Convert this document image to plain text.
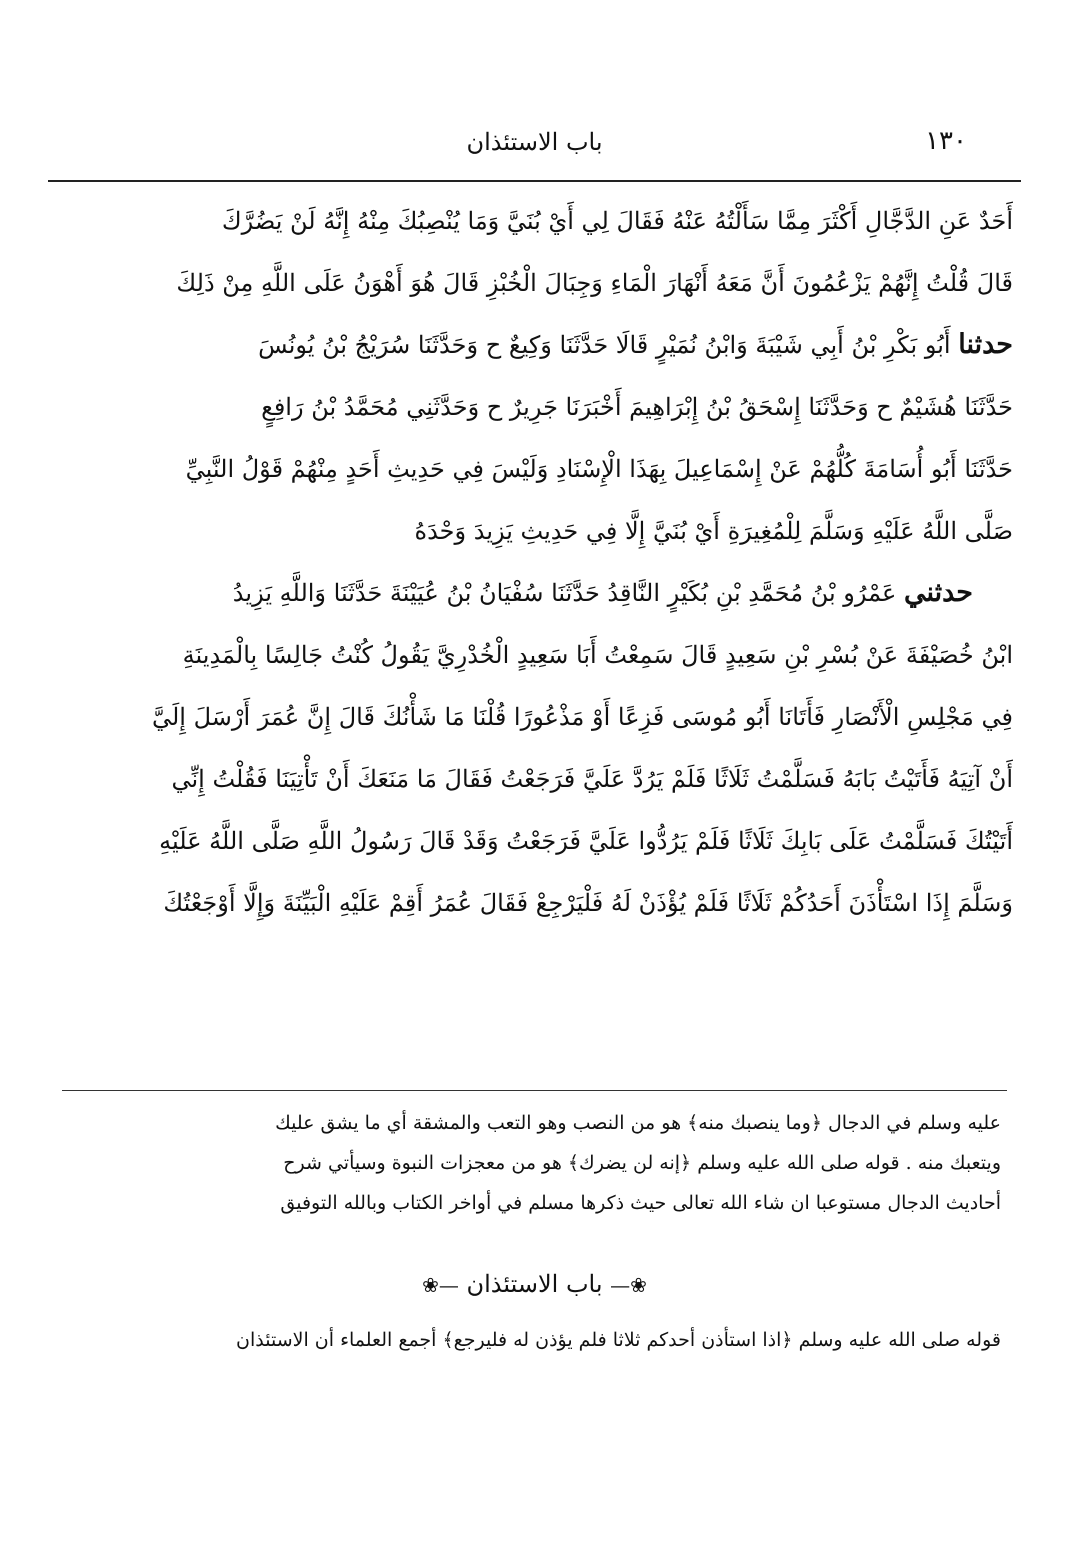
باب الاستئذان	١٣٠
أَحَدٌ عَنِ الدَّجَّالِ أَكْثَرَ مِمَّا سَأَلْتُهُ عَنْهُ فَقَالَ لِي أَيْ بُنَيَّ وَمَا يُنْصِبُكَ مِنْهُ إِنَّهُ لَنْ يَضُرَّكَ
قَالَ قُلْتُ إِنَّهُمْ يَزْعُمُونَ أَنَّ مَعَهُ أَنْهَارَ الْمَاءِ وَجِبَالَ الْخُبْزِ قَالَ هُوَ أَهْوَنُ عَلَى اللَّهِ مِنْ ذَلِكَ
حدثنا أَبُو بَكْرِ بْنُ أَبِي شَيْبَةَ وَابْنُ نُمَيْرٍ قَالَا حَدَّثَنَا وَكِيعٌ ح وَحَدَّثَنَا سُرَيْجُ بْنُ يُونُسَ
حَدَّثَنَا هُشَيْمٌ ح وَحَدَّثَنَا إِسْحَقُ بْنُ إِبْرَاهِيمَ أَخْبَرَنَا جَرِيرٌ ح وَحَدَّثَنِي مُحَمَّدُ بْنُ رَافِعٍ
حَدَّثَنَا أَبُو أُسَامَةَ كُلُّهُمْ عَنْ إِسْمَاعِيلَ بِهَذَا الْإِسْنَادِ وَلَيْسَ فِي حَدِيثِ أَحَدٍ مِنْهُمْ قَوْلُ النَّبِيِّ
صَلَّى اللَّهُ عَلَيْهِ وَسَلَّمَ لِلْمُغِيرَةِ أَيْ بُنَيَّ إِلَّا فِي حَدِيثِ يَزِيدَ وَحْدَهُ
حدثني عَمْرُو بْنُ مُحَمَّدِ بْنِ بُكَيْرٍ النَّاقِدُ حَدَّثَنَا سُفْيَانُ بْنُ عُيَيْنَةَ حَدَّثَنَا وَاللَّهِ يَزِيدُ
ابْنُ خُصَيْفَةَ عَنْ بُسْرِ بْنِ سَعِيدٍ قَالَ سَمِعْتُ أَبَا سَعِيدٍ الْخُدْرِيَّ يَقُولُ كُنْتُ جَالِسًا بِالْمَدِينَةِ
فِي مَجْلِسِ الْأَنْصَارِ فَأَتَانَا أَبُو مُوسَى فَزِعًا أَوْ مَذْعُورًا قُلْنَا مَا شَأْنُكَ قَالَ إِنَّ عُمَرَ أَرْسَلَ إِلَيَّ
أَنْ آتِيَهُ فَأَتَيْتُ بَابَهُ فَسَلَّمْتُ ثَلَاثًا فَلَمْ يَرُدَّ عَلَيَّ فَرَجَعْتُ فَقَالَ مَا مَنَعَكَ أَنْ تَأْتِيَنَا فَقُلْتُ إِنِّي
أَتَيْتُكَ فَسَلَّمْتُ عَلَى بَابِكَ ثَلَاثًا فَلَمْ يَرُدُّوا عَلَيَّ فَرَجَعْتُ وَقَدْ قَالَ رَسُولُ اللَّهِ صَلَّى اللَّهُ عَلَيْهِ
وَسَلَّمَ إِذَا اسْتَأْذَنَ أَحَدُكُمْ ثَلَاثًا فَلَمْ يُؤْذَنْ لَهُ فَلْيَرْجِعْ فَقَالَ عُمَرُ أَقِمْ عَلَيْهِ الْبَيِّنَةَ وَإِلَّا أَوْجَعْتُكَ
عليه وسلم في الدجال ﴿وما ينصبك منه﴾ هو من النصب وهو التعب والمشقة أي ما يشق عليك
ويتعبك منه . قوله صلى الله عليه وسلم ﴿إنه لن يضرك﴾ هو من معجزات النبوة وسيأتي شرح
أحاديث الدجال مستوعبا ان شاء الله تعالى حيث ذكرها مسلم في أواخر الكتاب وبالله التوفيق
❀— باب الاستئذان —❀
قوله صلى الله عليه وسلم ﴿اذا استأذن أحدكم ثلاثا فلم يؤذن له فليرجع﴾ أجمع العلماء أن الاستئذان
